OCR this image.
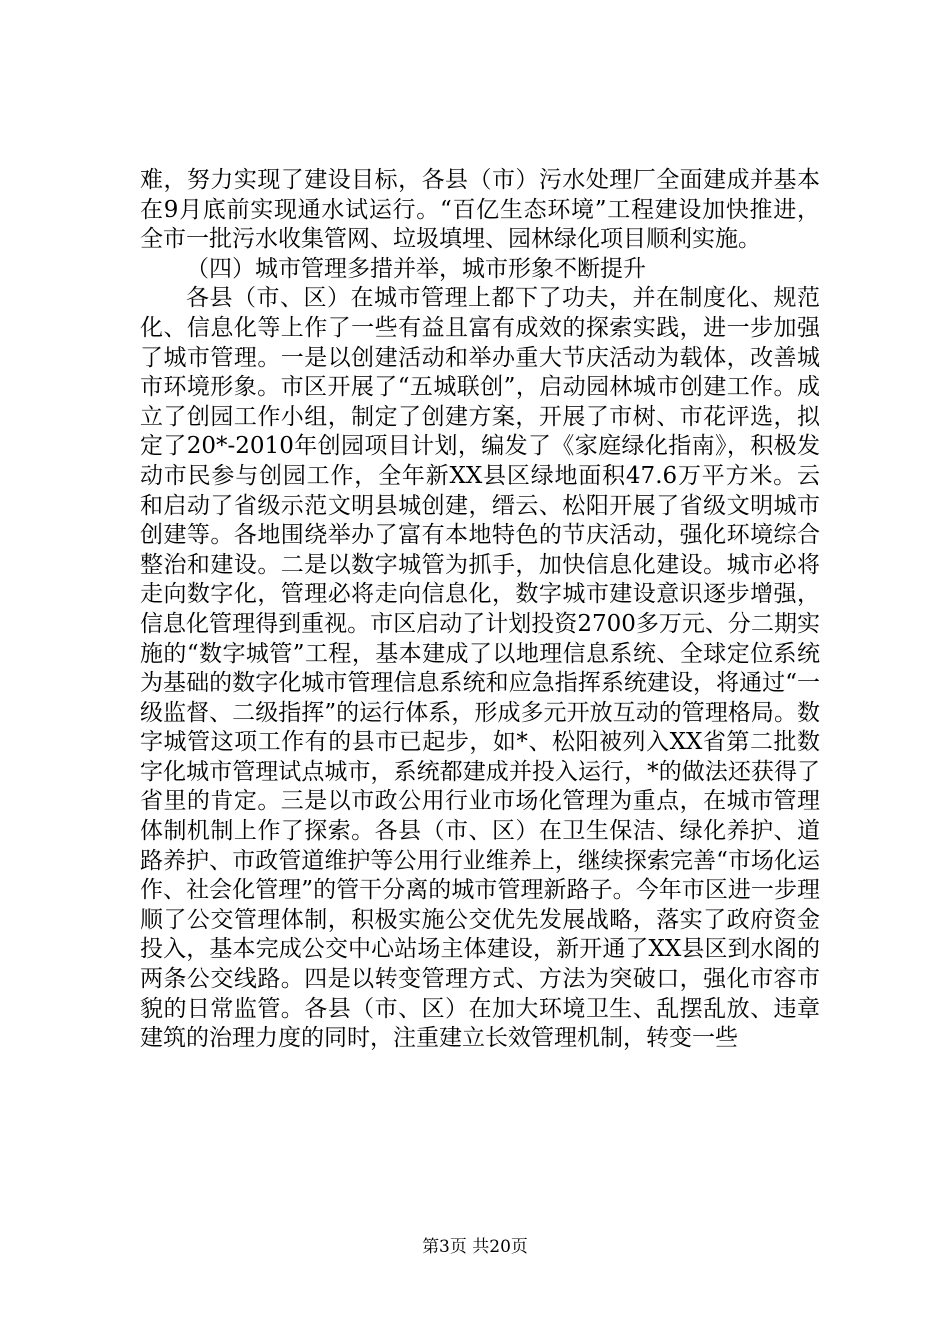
难，努力实现了建设目标，各县（市）污水处理厂全面建成并基本在9月底前实现通水试运行。“百亿生态环境”工程建设加快推进，全市一批污水收集管网、垃圾填埋、园林绿化项目顺利实施。

（四）城市管理多措并举，城市形象不断提升

各县（市、区）在城市管理上都下了功夫，并在制度化、规范化、信息化等上作了一些有益且富有成效的探索实践，进一步加强了城市管理。一是以创建活动和举办重大节庆活动为载体，改善城市环境形象。市区开展了“五城联创”，启动园林城市创建工作。成立了创园工作小组，制定了创建方案，开展了市树、市花评选，拟定了20*-2010年创园项目计划，编发了《家庭绿化指南》，积极发动市民参与创园工作，全年新XX县区绿地面积47.6万平方米。云和启动了省级示范文明县城创建，缙云、松阳开展了省级文明城市创建等。各地围绕举办了富有本地特色的节庆活动，强化环境综合整治和建设。二是以数字城管为抓手，加快信息化建设。城市必将走向数字化，管理必将走向信息化，数字城市建设意识逐步增强，信息化管理得到重视。市区启动了计划投资2700多万元、分二期实施的“数字城管”工程，基本建成了以地理信息系统、全球定位系统为基础的数字化城市管理信息系统和应急指挥系统建设，将通过“一级监督、二级指挥”的运行体系，形成多元开放互动的管理格局。数字城管这项工作有的县市已起步，如*、松阳被列入XX省第二批数字化城市管理试点城市，系统都建成并投入运行，*的做法还获得了省里的肯定。三是以市政公用行业市场化管理为重点，在城市管理体制机制上作了探索。各县（市、区）在卫生保洁、绿化养护、道路养护、市政管道维护等公用行业维养上，继续探索完善“市场化运作、社会化管理”的管干分离的城市管理新路子。今年市区进一步理顺了公交管理体制，积极实施公交优先发展战略，落实了政府资金投入，基本完成公交中心站场主体建设，新开通了XX县区到水阁的两条公交线路。四是以转变管理方式、方法为突破口，强化市容市貌的日常监管。各县（市、区）在加大环境卫生、乱摆乱放、违章建筑的治理力度的同时，注重建立长效管理机制，转变一些

第3页 共20页
